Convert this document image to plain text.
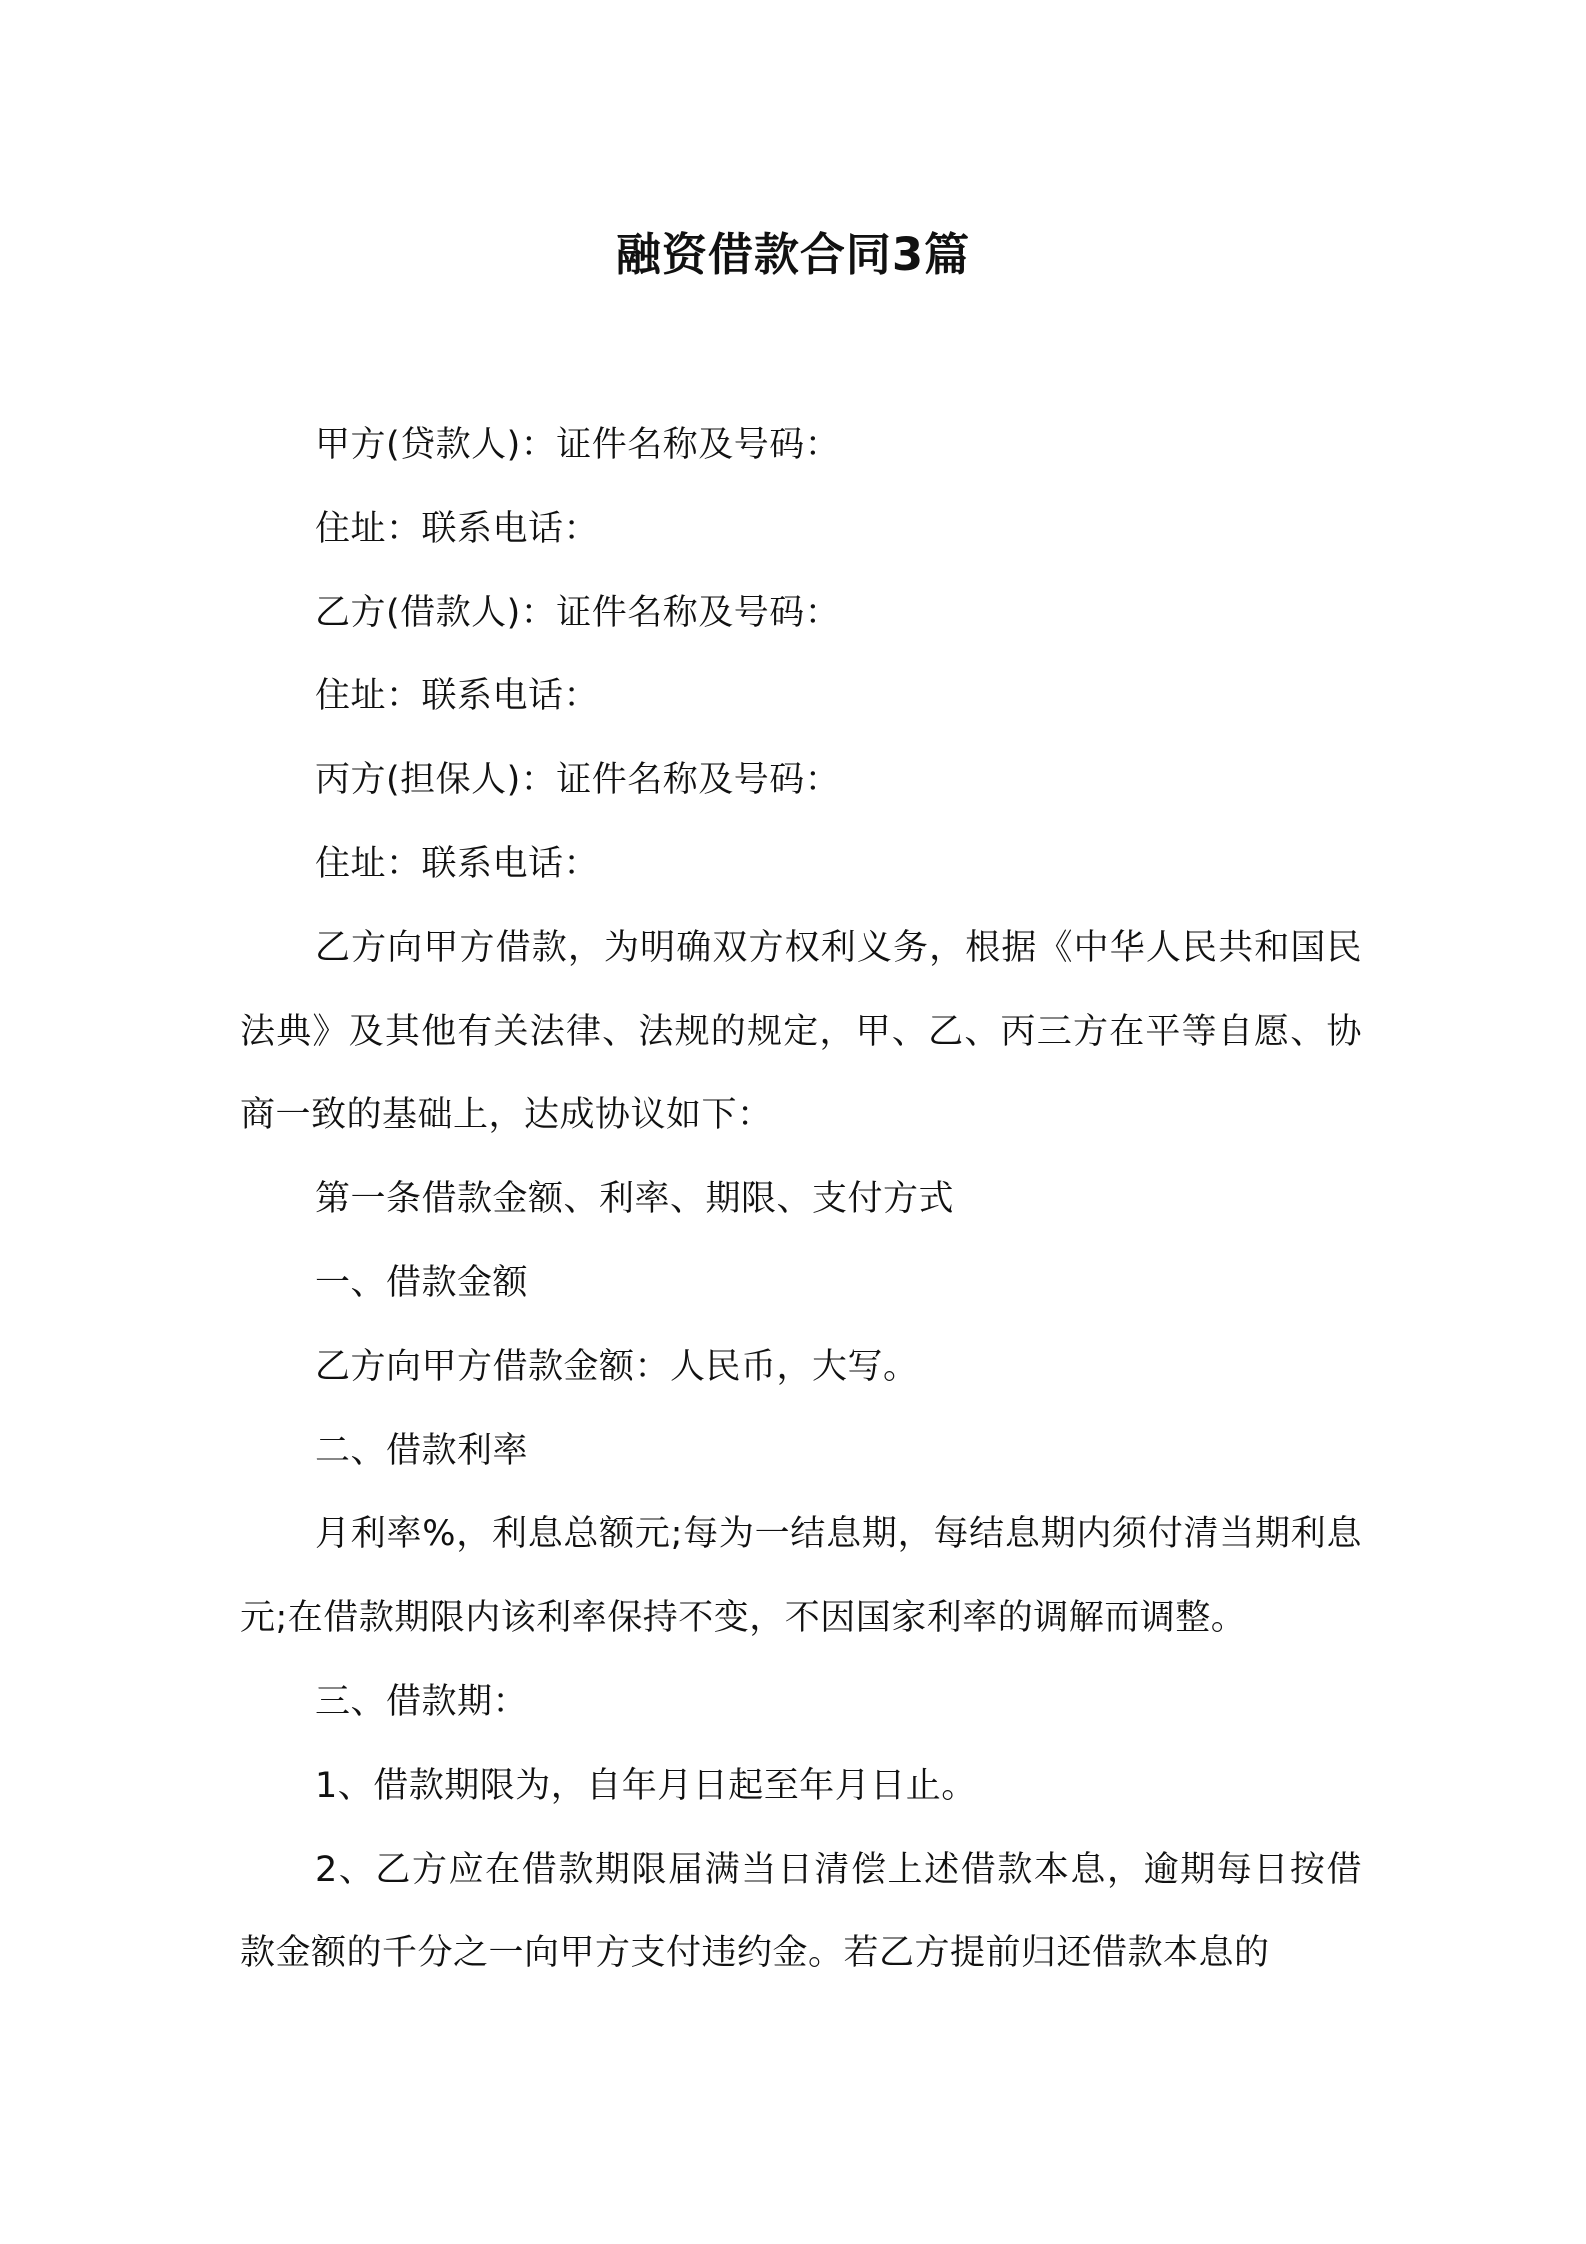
融资借款合同3篇

甲方(贷款人)：证件名称及号码：

住址：联系电话：

乙方(借款人)：证件名称及号码：

住址：联系电话：

丙方(担保人)：证件名称及号码：

住址：联系电话：

乙方向甲方借款，为明确双方权利义务，根据《中华人民共和国民法典》及其他有关法律、法规的规定，甲、乙、丙三方在平等自愿、协商一致的基础上，达成协议如下：

第一条借款金额、利率、期限、支付方式

一、借款金额

乙方向甲方借款金额：人民币，大写。

二、借款利率

月利率%，利息总额元;每为一结息期，每结息期内须付清当期利息元;在借款期限内该利率保持不变，不因国家利率的调解而调整。

三、借款期：

1、借款期限为，自年月日起至年月日止。

2、乙方应在借款期限届满当日清偿上述借款本息，逾期每日按借款金额的千分之一向甲方支付违约金。若乙方提前归还借款本息的
